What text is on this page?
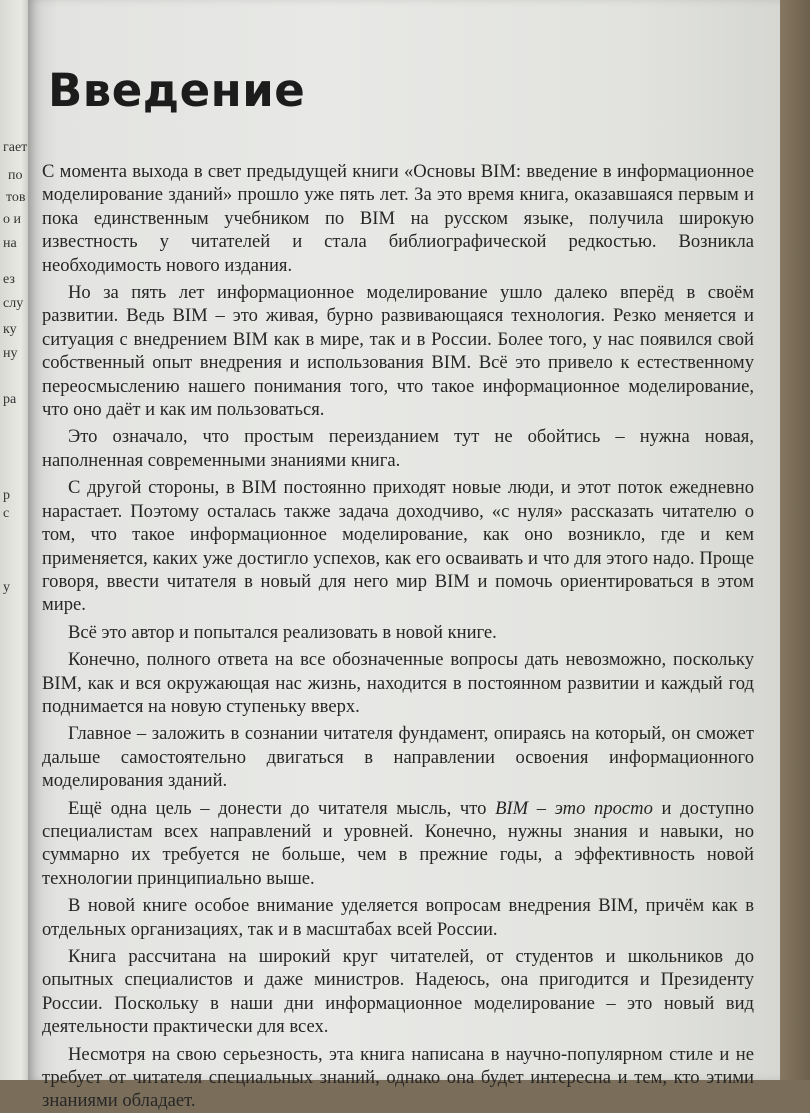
гает
по
тов
о и
на
ез
слу
ку
ну
ра
р
с
у
Введение

С момента выхода в свет предыдущей книги «Основы BIM: введение в информационное моделирование зданий» прошло уже пять лет. За это время книга, оказавшаяся первым и пока единственным учебником по BIM на русском языке, получила широкую известность у читателей и стала библиографической редкостью. Возникла необходимость нового издания.

Но за пять лет информационное моделирование ушло далеко вперёд в своём развитии. Ведь BIM – это живая, бурно развивающаяся технология. Резко меняется и ситуация с внедрением BIM как в мире, так и в России. Более того, у нас появился свой собственный опыт внедрения и использования BIM. Всё это привело к естественному переосмыслению нашего понимания того, что такое информационное моделирование, что оно даёт и как им пользоваться.

Это означало, что простым переизданием тут не обойтись – нужна новая, наполненная современными знаниями книга.

С другой стороны, в BIM постоянно приходят новые люди, и этот поток ежедневно нарастает. Поэтому осталась также задача доходчиво, «с нуля» рассказать читателю о том, что такое информационное моделирование, как оно возникло, где и кем применяется, каких уже достигло успехов, как его осваивать и что для этого надо. Проще говоря, ввести читателя в новый для него мир BIM и помочь ориентироваться в этом мире.

Всё это автор и попытался реализовать в новой книге.

Конечно, полного ответа на все обозначенные вопросы дать невозможно, поскольку BIM, как и вся окружающая нас жизнь, находится в постоянном развитии и каждый год поднимается на новую ступеньку вверх.

Главное – заложить в сознании читателя фундамент, опираясь на который, он сможет дальше самостоятельно двигаться в направлении освоения информационного моделирования зданий.

Ещё одна цель – донести до читателя мысль, что BIM – это просто и доступно специалистам всех направлений и уровней. Конечно, нужны знания и навыки, но суммарно их требуется не больше, чем в прежние годы, а эффективность новой технологии принципиально выше.

В новой книге особое внимание уделяется вопросам внедрения BIM, причём как в отдельных организациях, так и в масштабах всей России.

Книга рассчитана на широкий круг читателей, от студентов и школьников до опытных специалистов и даже министров. Надеюсь, она пригодится и Президенту России. Поскольку в наши дни информационное моделирование – это новый вид деятельности практически для всех.

Несмотря на свою серьезность, эта книга написана в научно-популярном стиле и не требует от читателя специальных знаний, однако она будет интересна и тем, кто этими знаниями обладает.
